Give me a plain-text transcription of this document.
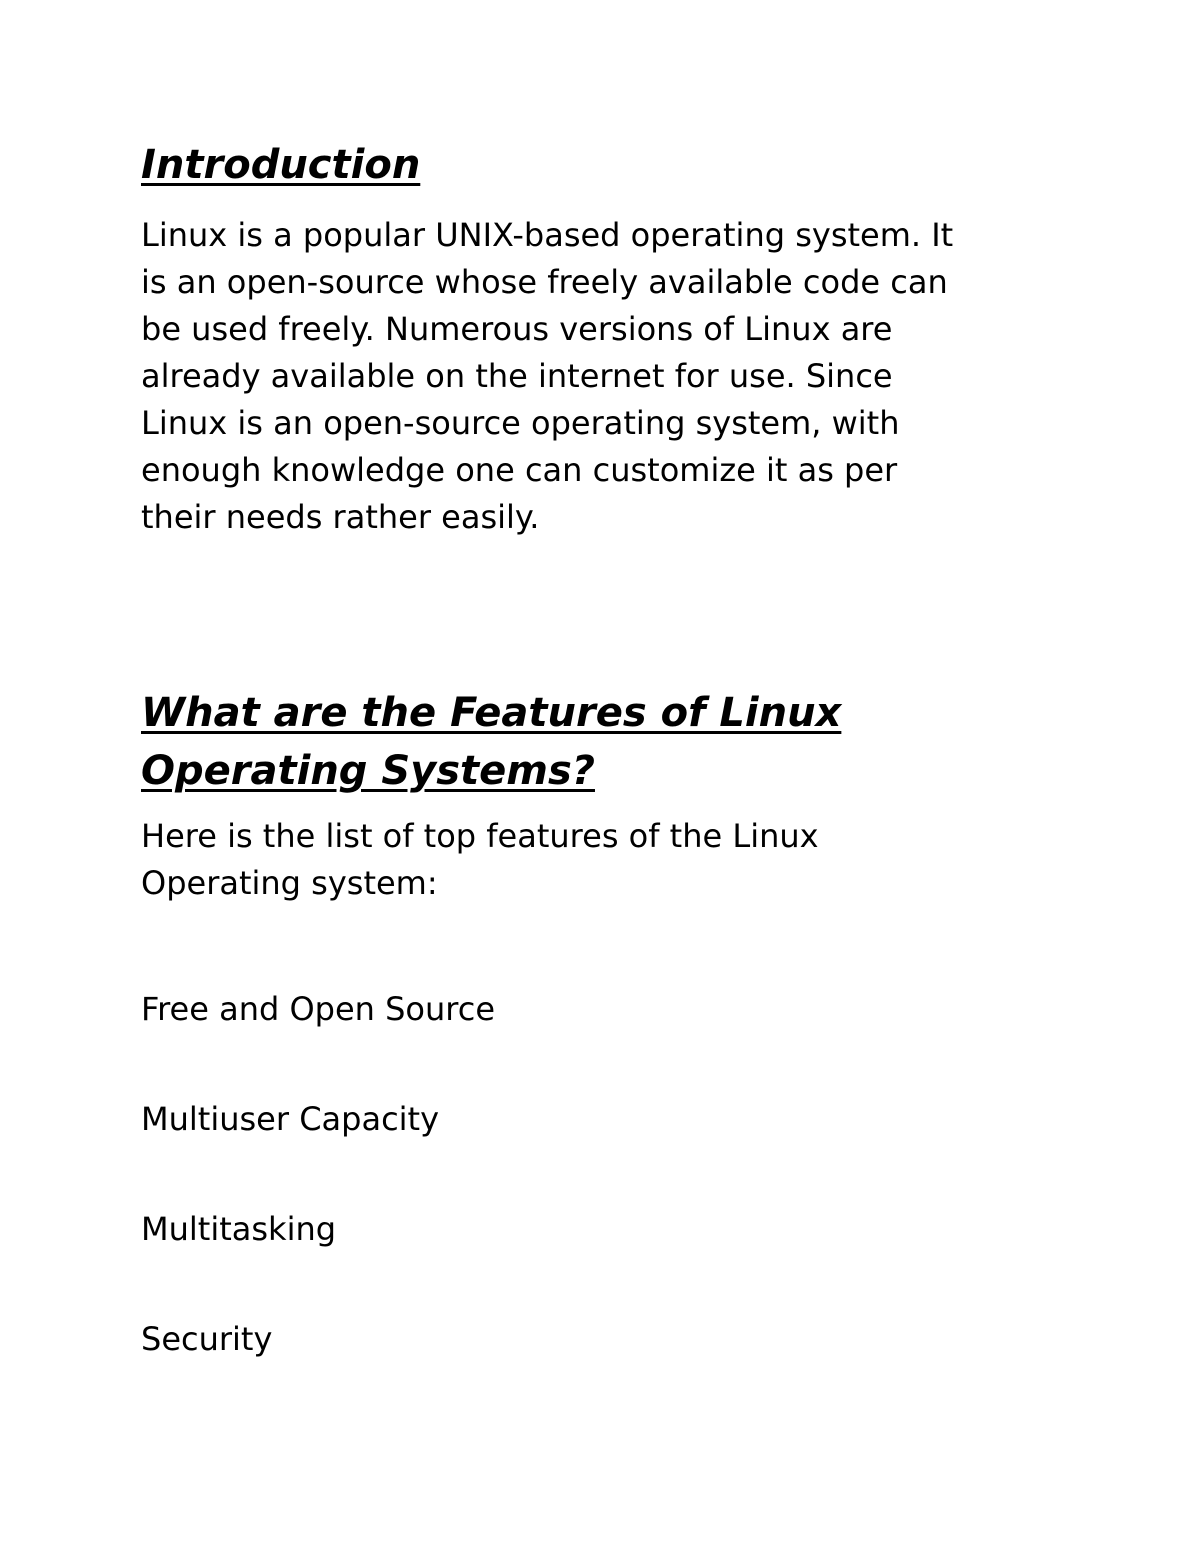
Introduction

Linux is a popular UNIX-based operating system. It
is an open-source whose freely available code can
be used freely. Numerous versions of Linux are
already available on the internet for use. Since
Linux is an open-source operating system, with
enough knowledge one can customize it as per
their needs rather easily.

What are the Features of Linux
Operating Systems?

Here is the list of top features of the Linux
Operating system:

Free and Open Source

Multiuser Capacity

Multitasking

Security
